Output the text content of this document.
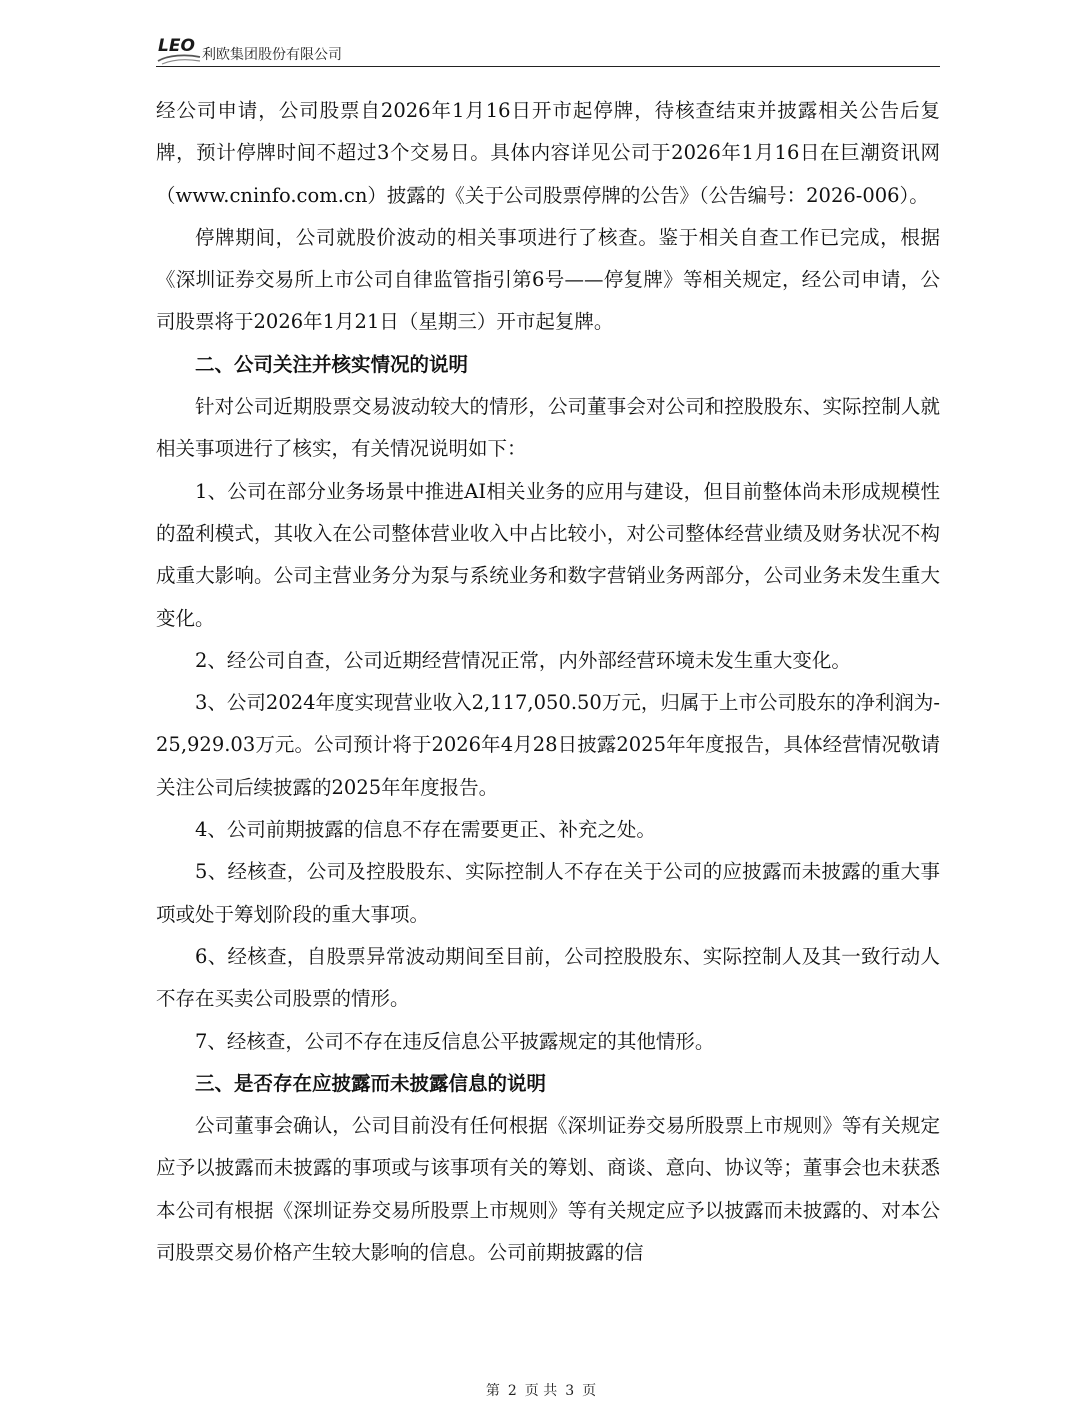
LEO 利欧集团股份有限公司

经公司申请，公司股票自2026年1月16日开市起停牌，待核查结束并披露相关公告后复牌，预计停牌时间不超过3个交易日。具体内容详见公司于2026年1月16日在巨潮资讯网（www.cninfo.com.cn）披露的《关于公司股票停牌的公告》（公告编号：2026-006）。

停牌期间，公司就股价波动的相关事项进行了核查。鉴于相关自查工作已完成，根据《深圳证券交易所上市公司自律监管指引第6号——停复牌》等相关规定，经公司申请，公司股票将于2026年1月21日（星期三）开市起复牌。

二、公司关注并核实情况的说明

针对公司近期股票交易波动较大的情形，公司董事会对公司和控股股东、实际控制人就相关事项进行了核实，有关情况说明如下：

1、公司在部分业务场景中推进AI相关业务的应用与建设，但目前整体尚未形成规模性的盈利模式，其收入在公司整体营业收入中占比较小，对公司整体经营业绩及财务状况不构成重大影响。公司主营业务分为泵与系统业务和数字营销业务两部分，公司业务未发生重大变化。

2、经公司自查，公司近期经营情况正常，内外部经营环境未发生重大变化。

3、公司2024年度实现营业收入2,117,050.50万元，归属于上市公司股东的净利润为-25,929.03万元。公司预计将于2026年4月28日披露2025年年度报告，具体经营情况敬请关注公司后续披露的2025年年度报告。

4、公司前期披露的信息不存在需要更正、补充之处。

5、经核查，公司及控股股东、实际控制人不存在关于公司的应披露而未披露的重大事项或处于筹划阶段的重大事项。

6、经核查，自股票异常波动期间至目前，公司控股股东、实际控制人及其一致行动人不存在买卖公司股票的情形。

7、经核查，公司不存在违反信息公平披露规定的其他情形。

三、是否存在应披露而未披露信息的说明

公司董事会确认，公司目前没有任何根据《深圳证券交易所股票上市规则》等有关规定应予以披露而未披露的事项或与该事项有关的筹划、商谈、意向、协议等；董事会也未获悉本公司有根据《深圳证券交易所股票上市规则》等有关规定应予以披露而未披露的、对本公司股票交易价格产生较大影响的信息。公司前期披露的信

第 2 页 共 3 页
